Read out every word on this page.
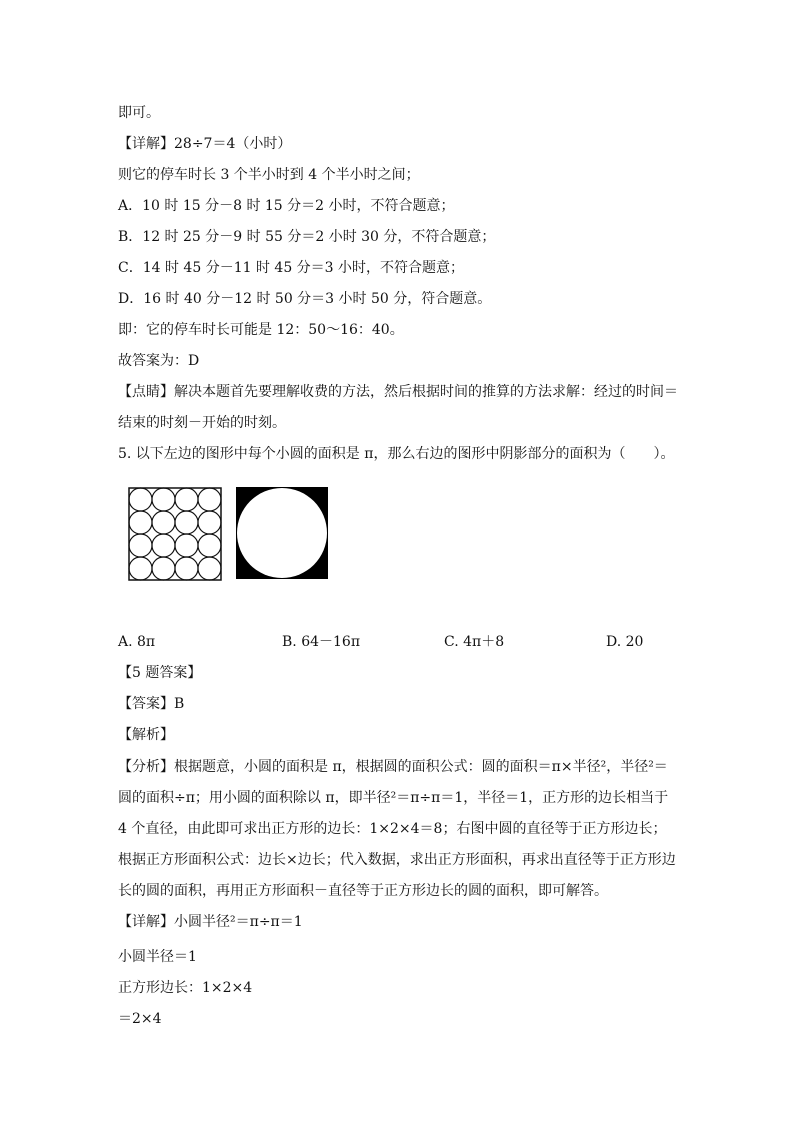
即可。
【详解】28÷7＝4（小时）
则它的停车时长 3 个半小时到 4 个半小时之间；
A．10 时 15 分－8 时 15 分＝2 小时，不符合题意；
B．12 时 25 分－9 时 55 分＝2 小时 30 分，不符合题意；
C．14 时 45 分－11 时 45 分＝3 小时，不符合题意；
D．16 时 40 分－12 时 50 分＝3 小时 50 分，符合题意。
即：它的停车时长可能是 12：50～16：40。
故答案为：D
【点睛】解决本题首先要理解收费的方法，然后根据时间的推算的方法求解：经过的时间＝结束的时刻－开始的时刻。
5. 以下左边的图形中每个小圆的面积是 π，那么右边的图形中阴影部分的面积为（　　）。
A. 8π	B. 64－16π	C. 4π＋8	D. 20
【5 题答案】
【答案】B
【解析】
【分析】根据题意，小圆的面积是 π，根据圆的面积公式：圆的面积＝π×半径²，半径²＝圆的面积÷π；用小圆的面积除以 π，即半径²＝π÷π＝1，半径＝1，正方形的边长相当于 4 个直径，由此即可求出正方形的边长：1×2×4＝8；右图中圆的直径等于正方形边长；根据正方形面积公式：边长×边长；代入数据，求出正方形面积，再求出直径等于正方形边长的圆的面积，再用正方形面积－直径等于正方形边长的圆的面积，即可解答。
【详解】小圆半径²＝π÷π＝1
小圆半径＝1
正方形边长：1×2×4
＝2×4
